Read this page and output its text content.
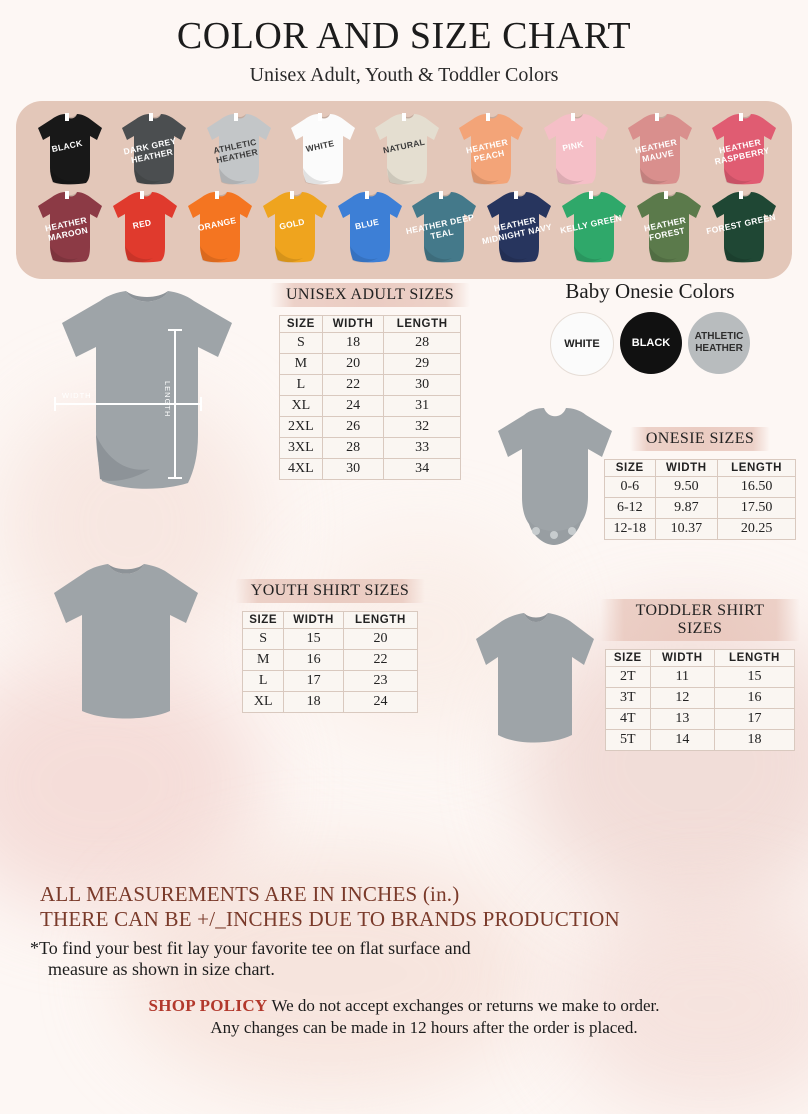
COLOR AND SIZE CHART
Unisex Adult, Youth & Toddler Colors
BLACK	DARK GREY HEATHER
ATHLETIC HEATHER
WHITE	NATURAL	HEATHER PEACH
PINK	HEATHER MAUVE
HEATHER RASPBERRY
HEATHER MAROON
RED	ORANGE	GOLD	BLUE	HEATHER DEEP TEAL
HEATHER MIDNIGHT NAVY KELLY GREEN	HEATHER FOREST	FOREST GREEN
WIDTH	LENGTH
UNISEX ADULT SIZES
SIZE	WIDTH	LENGTH
S	18	28
M	20	29
L	22	30
XL	24	31
2XL	26	32
3XL	28	33
4XL	30	34
Baby Onesie Colors
WHITE	BLACK
ATHLETIC HEATHER
ONESIE SIZES
SIZE	WIDTH	LENGTH
0-6	9.50	16.50
6-12	9.87	17.50
12-18	10.37	20.25
YOUTH SHIRT SIZES
SIZE	WIDTH	LENGTH
S	15	20
M	16	22
L	17	23
XL	18	24
TODDLER SHIRT SIZES
SIZE	WIDTH	LENGTH
2T	11	15
3T	12	16
4T	13	17
5T	14	18
ALL MEASUREMENTS ARE IN INCHES (in.)
THERE CAN BE +/_INCHES DUE TO BRANDS PRODUCTION
*To find your best fit lay your favorite tee on flat surface and
measure as shown in size chart.
SHOP POLICY We do not accept exchanges or returns we make to order.
Any changes can be made in 12 hours after the order is placed.
